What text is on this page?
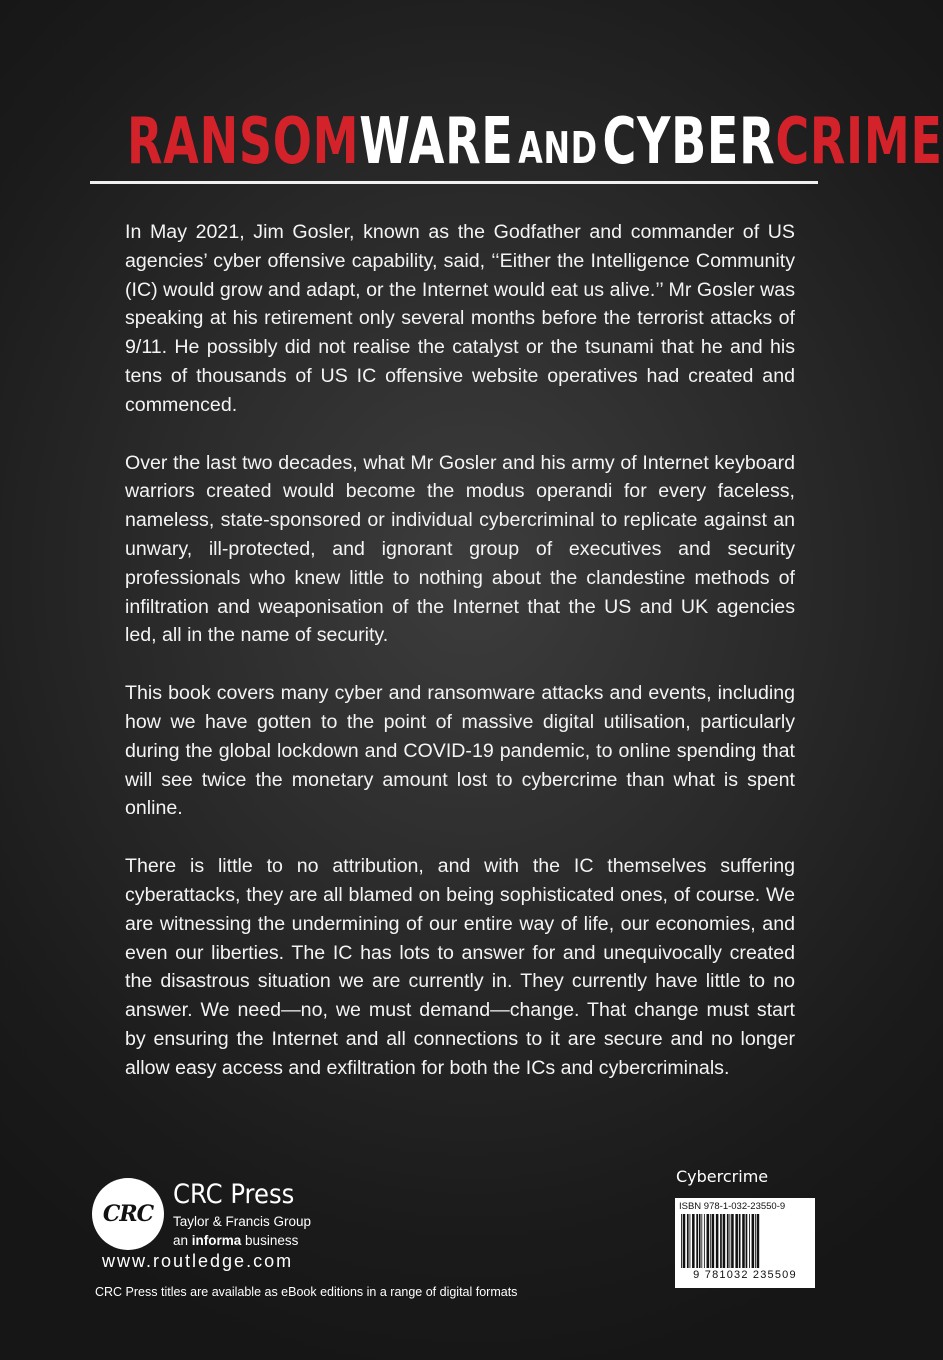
RANSOMWARE AND CYBERCRIME

In May 2021, Jim Gosler, known as the Godfather and commander of US agencies’ cyber offensive capability, said, ‘‘Either the Intelligence Community (IC) would grow and adapt, or the Internet would eat us alive.’’ Mr Gosler was speaking at his retirement only several months before the terrorist attacks of 9/11. He possibly did not realise the catalyst or the tsunami that he and his tens of thousands of US IC offensive website operatives had created and commenced.

Over the last two decades, what Mr Gosler and his army of Internet keyboard warriors created would become the modus operandi for every faceless, nameless, state-sponsored or individual cybercriminal to replicate against an unwary, ill-protected, and ignorant group of executives and security professionals who knew little to nothing about the clandestine methods of infiltration and weaponisation of the Internet that the US and UK agencies led, all in the name of security.

This book covers many cyber and ransomware attacks and events, including how we have gotten to the point of massive digital utilisation, particularly during the global lockdown and COVID-19 pandemic, to online spending that will see twice the monetary amount lost to cybercrime than what is spent online.

There is little to no attribution, and with the IC themselves suffering cyberattacks, they are all blamed on being sophisticated ones, of course. We are witnessing the undermining of our entire way of life, our economies, and even our liberties. The IC has lots to answer for and unequivocally created the disastrous situation we are currently in. They currently have little to no answer. We need—no, we must demand—change. That change must start by ensuring the Internet and all connections to it are secure and no longer allow easy access and exfiltration for both the ICs and cybercriminals.

CRC
CRC Press
Taylor & Francis Group
an informa business
www.routledge.com
CRC Press titles are available as eBook editions in a range of digital formats
Cybercrime
ISBN 978-1-032-23550-9
9 781032 235509
